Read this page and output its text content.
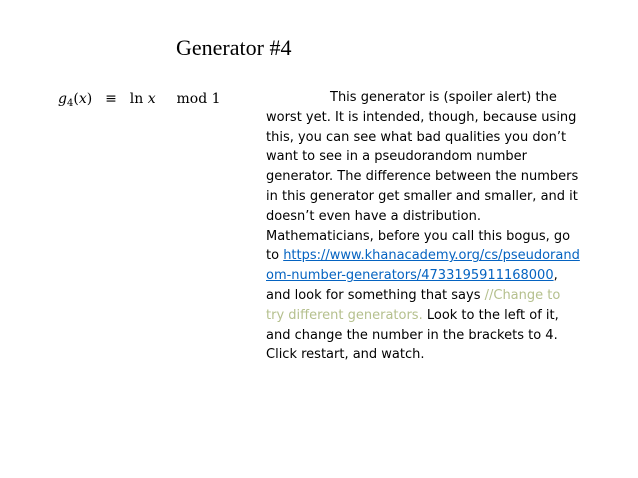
Generator #4
$g_4(x) \equiv \ln x$ mod 1	This generator is (spoiler alert) the worst yet. It is intended, though, because using this, you can see what bad qualities you don’t want to see in a pseudorandom number generator. The difference between the numbers in this generator get smaller and smaller, and it doesn’t even have a distribution. Mathematicians, before you call this bogus, go to https://www.khanacademy.org/cs/pseudorandom-number-generators/4733195911168000, and look for something that says //Change to try different generators. Look to the left of it, and change the number in the brackets to 4. Click restart, and watch.
